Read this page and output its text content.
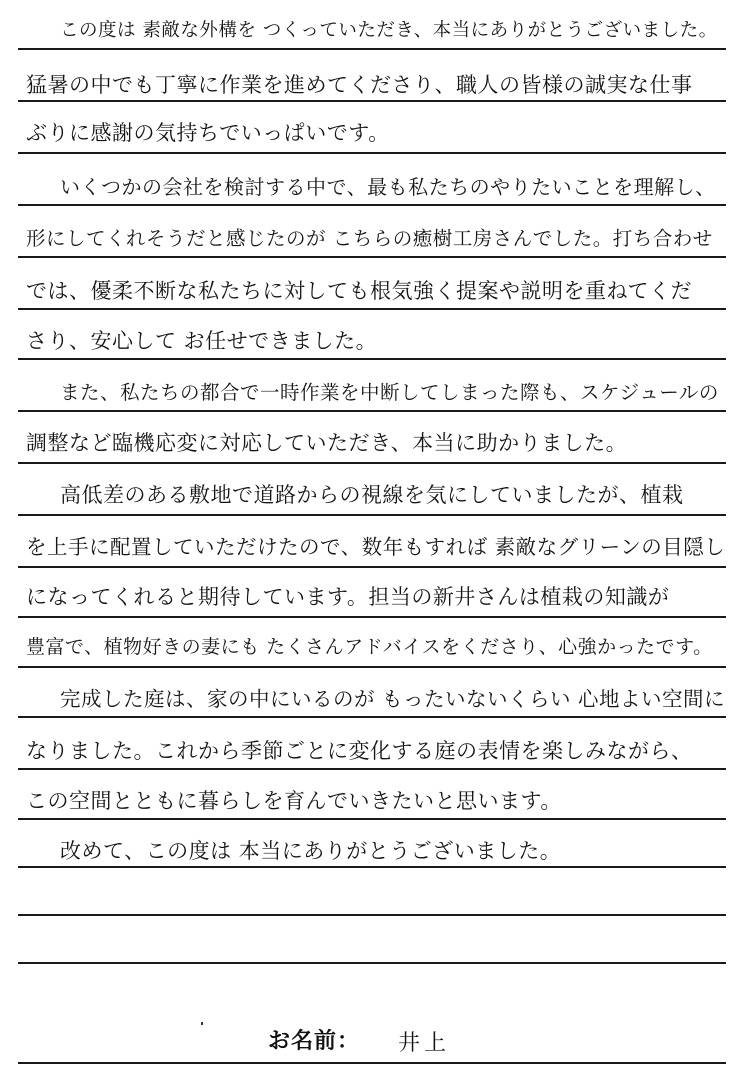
この度は 素敵な外構を つくっていただき、本当にありがとうございました。
猛暑の中でも丁寧に作業を進めてくださり、職人の皆様の誠実な仕事
ぶりに感謝の気持ちでいっぱいです。
いくつかの会社を検討する中で、最も私たちのやりたいことを理解し、
形にしてくれそうだと感じたのが こちらの癒樹工房さんでした。打ち合わせ
では、優柔不断な私たちに対しても根気強く提案や説明を重ねてくだ
さり、安心して お任せできました。
また、私たちの都合で一時作業を中断してしまった際も、スケジュールの
調整など臨機応変に対応していただき、本当に助かりました。
高低差のある敷地で道路からの視線を気にしていましたが、植栽
を上手に配置していただけたので、数年もすれば 素敵なグリーンの目隠し
になってくれると期待しています。担当の新井さんは植栽の知識が
豊富で、植物好きの妻にも たくさんアドバイスをくださり、心強かったです。
完成した庭は、家の中にいるのが もったいないくらい 心地よい空間に
なりました。これから季節ごとに変化する庭の表情を楽しみながら、
この空間とともに暮らしを育んでいきたいと思います。
改めて、この度は 本当にありがとうございました。
お名前： 井上
